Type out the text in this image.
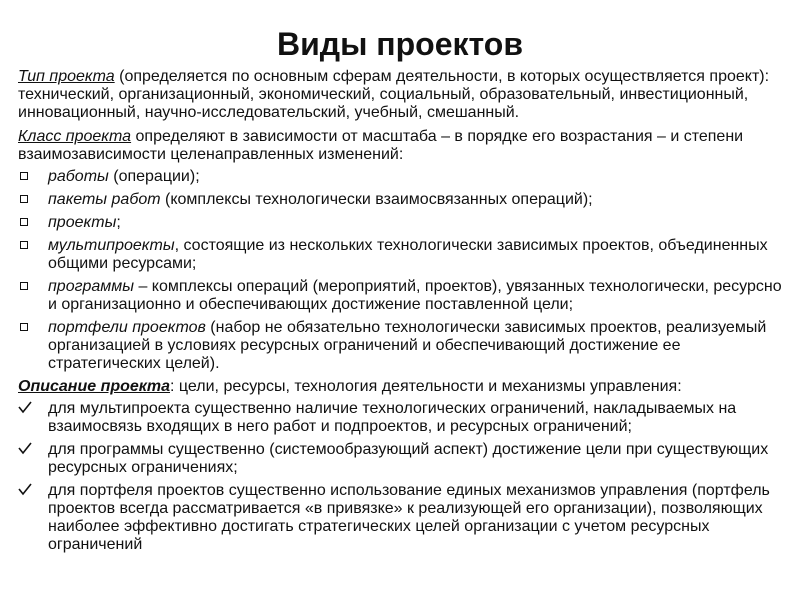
Виды проектов

Тип проекта (определяется по основным сферам деятельности, в которых осуществляется проект): технический, организационный, экономический, социальный, образовательный, инвестиционный, инновационный, научно-исследовательский, учебный, смешанный.

Класс проекта определяют в зависимости от масштаба – в порядке его возрастания – и степени взаимозависимости целенаправленных изменений:

работы (операции);
пакеты работ (комплексы технологически взаимосвязанных операций);
проекты;
мультипроекты, состоящие из нескольких технологически зависимых проектов, объединенных общими ресурсами;
программы – комплексы операций (мероприятий, проектов), увязанных технологически, ресурсно и организационно и обеспечивающих достижение поставленной цели;
портфели проектов (набор не обязательно технологически зависимых проектов, реализуемый организацией в условиях ресурсных ограничений и обеспечивающий достижение ее стратегических целей).

Описание проекта: цели, ресурсы, технология деятельности и механизмы управления:

для мультипроекта существенно наличие технологических ограничений, накладываемых на взаимосвязь входящих в него работ и подпроектов, и ресурсных ограничений;
для программы существенно (системообразующий аспект) достижение цели при существующих ресурсных ограничениях;
для портфеля проектов существенно использование единых механизмов управления (портфель проектов всегда рассматривается «в привязке» к реализующей его организации), позволяющих наиболее эффективно достигать стратегических целей организации с учетом ресурсных ограничений
